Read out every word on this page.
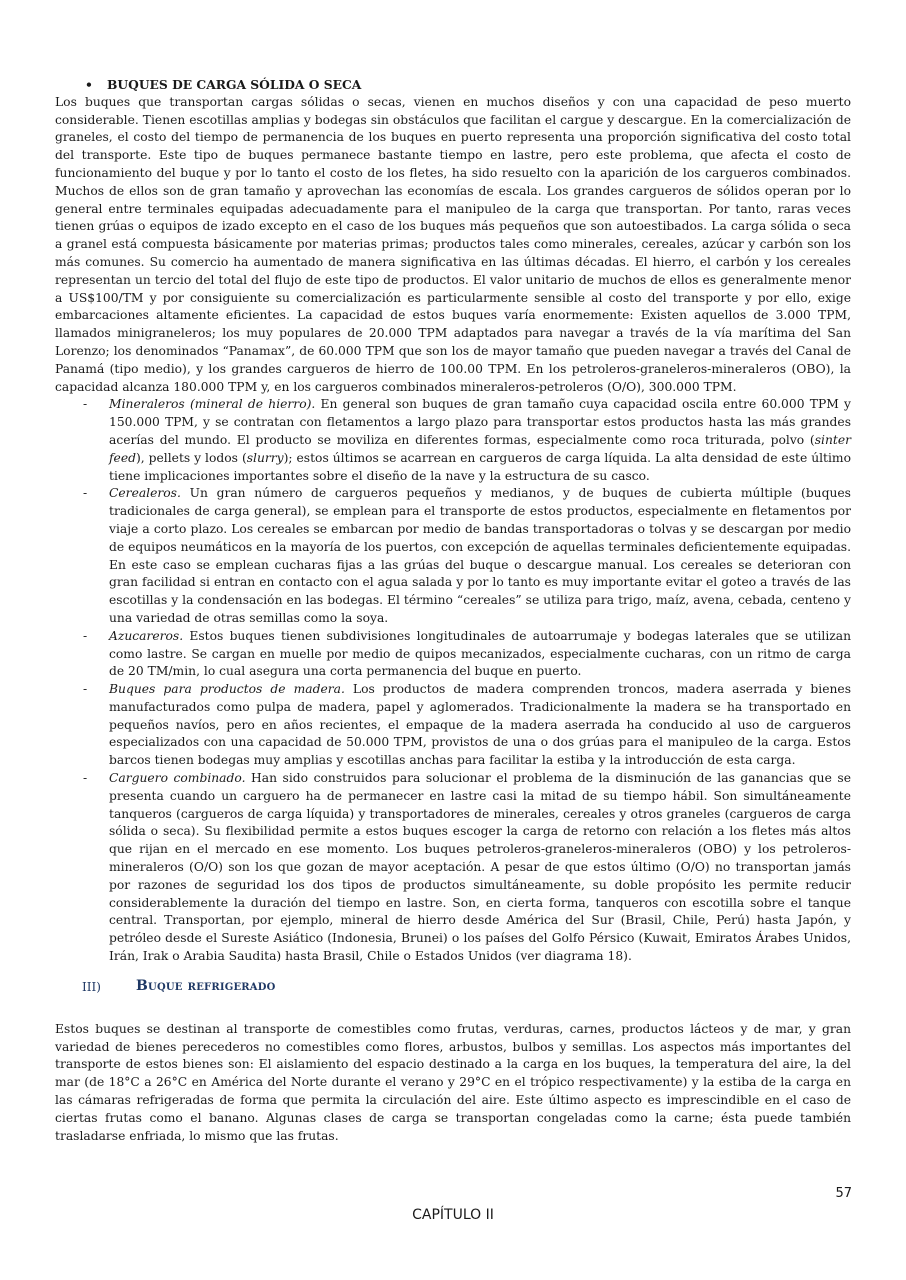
• BUQUES DE CARGA SÓLIDA O SECA

Los buques que transportan cargas sólidas o secas, vienen en muchos diseños y con una capacidad de peso muerto considerable. Tienen escotillas amplias y bodegas sin obstáculos que facilitan el cargue y descargue. En la comercialización de graneles, el costo del tiempo de permanencia de los buques en puerto representa una proporción significativa del costo total del transporte. Este tipo de buques permanece bastante tiempo en lastre, pero este problema, que afecta el costo de funcionamiento del buque y por lo tanto el costo de los fletes, ha sido resuelto con la aparición de los cargueros combinados. Muchos de ellos son de gran tamaño y aprovechan las economías de escala. Los grandes cargueros de sólidos operan por lo general entre terminales equipadas adecuadamente para el manipuleo de la carga que transportan. Por tanto, raras veces tienen grúas o equipos de izado excepto en el caso de los buques más pequeños que son autoestibados. La carga sólida o seca a granel está compuesta básicamente por materias primas; productos tales como minerales, cereales, azúcar y carbón son los más comunes. Su comercio ha aumentado de manera significativa en las últimas décadas. El hierro, el carbón y los cereales representan un tercio del total del flujo de este tipo de productos. El valor unitario de muchos de ellos es generalmente menor a US$100/TM y por consiguiente su comercialización es particularmente sensible al costo del transporte y por ello, exige embarcaciones altamente eficientes. La capacidad de estos buques varía enormemente: Existen aquellos de 3.000 TPM, llamados minigraneleros; los muy populares de 20.000 TPM adaptados para navegar a través de la vía marítima del San Lorenzo; los denominados “Panamax”, de 60.000 TPM que son los de mayor tamaño que pueden navegar a través del Canal de Panamá (tipo medio), y los grandes cargueros de hierro de 100.00 TPM. En los petroleros-graneleros-mineraleros (OBO), la capacidad alcanza 180.000 TPM y, en los cargueros combinados mineraleros-petroleros (O/O), 300.000 TPM.

- Mineraleros (mineral de hierro). En general son buques de gran tamaño cuya capacidad oscila entre 60.000 TPM y 150.000 TPM, y se contratan con fletamentos a largo plazo para transportar estos productos hasta las más grandes acerías del mundo. El producto se moviliza en diferentes formas, especialmente como roca triturada, polvo (sinter feed), pellets y lodos (slurry); estos últimos se acarrean en cargueros de carga líquida. La alta densidad de este último tiene implicaciones importantes sobre el diseño de la nave y la estructura de su casco.
- Cerealeros. Un gran número de cargueros pequeños y medianos, y de buques de cubierta múltiple (buques tradicionales de carga general), se emplean para el transporte de estos productos, especialmente en fletamentos por viaje a corto plazo. Los cereales se embarcan por medio de bandas transportadoras o tolvas y se descargan por medio de equipos neumáticos en la mayoría de los puertos, con excepción de aquellas terminales deficientemente equipadas. En este caso se emplean cucharas fijas a las grúas del buque o descargue manual. Los cereales se deterioran con gran facilidad si entran en contacto con el agua salada y por lo tanto es muy importante evitar el goteo a través de las escotillas y la condensación en las bodegas. El término “cereales” se utiliza para trigo, maíz, avena, cebada, centeno y una variedad de otras semillas como la soya.
- Azucareros. Estos buques tienen subdivisiones longitudinales de autoarrumaje y bodegas laterales que se utilizan como lastre. Se cargan en muelle por medio de quipos mecanizados, especialmente cucharas, con un ritmo de carga de 20 TM/min, lo cual asegura una corta permanencia del buque en puerto.
- Buques para productos de madera. Los productos de madera comprenden troncos, madera aserrada y bienes manufacturados como pulpa de madera, papel y aglomerados. Tradicionalmente la madera se ha transportado en pequeños navíos, pero en años recientes, el empaque de la madera aserrada ha conducido al uso de cargueros especializados con una capacidad de 50.000 TPM, provistos de una o dos grúas para el manipuleo de la carga. Estos barcos tienen bodegas muy amplias y escotillas anchas para facilitar la estiba y la introducción de esta carga.
- Carguero combinado. Han sido construidos para solucionar el problema de la disminución de las ganancias que se presenta cuando un carguero ha de permanecer en lastre casi la mitad de su tiempo hábil. Son simultáneamente tanqueros (cargueros de carga líquida) y transportadores de minerales, cereales y otros graneles (cargueros de carga sólida o seca). Su flexibilidad permite a estos buques escoger la carga de retorno con relación a los fletes más altos que rijan en el mercado en ese momento. Los buques petroleros-graneleros-mineraleros (OBO) y los petroleros-mineraleros (O/O) son los que gozan de mayor aceptación. A pesar de que estos último (O/O) no transportan jamás por razones de seguridad los dos tipos de productos simultáneamente, su doble propósito les permite reducir considerablemente la duración del tiempo en lastre. Son, en cierta forma, tanqueros con escotilla sobre el tanque central. Transportan, por ejemplo, mineral de hierro desde América del Sur (Brasil, Chile, Perú) hasta Japón, y petróleo desde el Sureste Asiático (Indonesia, Brunei) o los países del Golfo Pérsico (Kuwait, Emiratos Árabes Unidos, Irán, Irak o Arabia Saudita) hasta Brasil, Chile o Estados Unidos (ver diagrama 18).
III)	Buque refrigerado

Estos buques se destinan al transporte de comestibles como frutas, verduras, carnes, productos lácteos y de mar, y gran variedad de bienes perecederos no comestibles como flores, arbustos, bulbos y semillas. Los aspectos más importantes del transporte de estos bienes son: El aislamiento del espacio destinado a la carga en los buques, la temperatura del aire, la del mar (de 18°C a 26°C en América del Norte durante el verano y 29°C en el trópico respectivamente) y la estiba de la carga en las cámaras refrigeradas de forma que permita la circulación del aire. Este último aspecto es imprescindible en el caso de ciertas frutas como el banano. Algunas clases de carga se transportan congeladas como la carne; ésta puede también trasladarse enfriada, lo mismo que las frutas.

57
CAPÍTULO II
